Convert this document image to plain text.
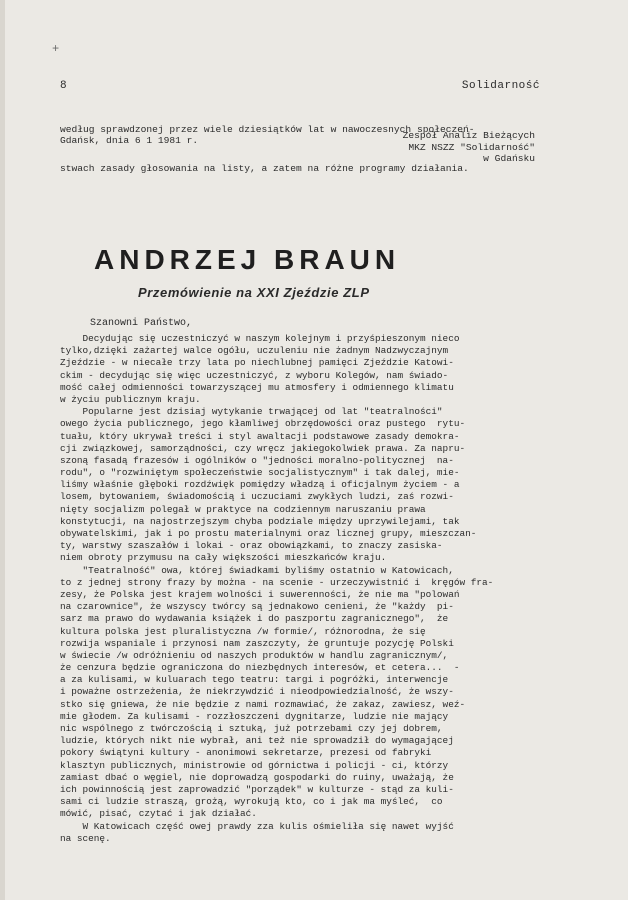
+
8	Solidarność

według sprawdzonej przez wiele dziesiątków lat w nawoczesnych społeczeń-

stwach zasady głosowania na listy, a zatem na różne programy działania.

Gdańsk, dnia 6 1 1981 r.	Zespół Analiz Bieżących
MKZ NSZZ "Solidarność"
w Gdańsku
ANDRZEJ BRAUN
Przemówienie na XXI Zjeździe ZLP
Szanowni Państwo,
Decydując się uczestniczyć w naszym kolejnym i przyśpieszonym nieco
tylko,dzięki zażartej walce ogółu, uczuleniu nie żadnym Nadzwyczajnym
Zjeździe - w niecałe trzy lata po niechlubnej pamięci Zjeździe Katowi-
ckim - decydując się więc uczestniczyć, z wyboru Kolegów, nam świado-
mość całej odmienności towarzyszącej mu atmosfery i odmiennego klimatu
w życiu publicznym kraju.
Popularne jest dzisiaj wytykanie trwającej od lat "teatralności"
owego życia publicznego, jego kłamliwej obrzędowości oraz pustego  rytu-
tuału, który ukrywał treści i styl awaltacji podstawowe zasady demokra-
cji związkowej, samorządności, czy wręcz jakiegokolwiek prawa. Za napru-
szoną fasadą frazesów i ogólników o "jedności moralno-politycznej  na-
rodu", o "rozwiniętym społeczeństwie socjalistycznym" i tak dalej, mie-
liśmy właśnie głęboki rozdźwięk pomiędzy władzą i oficjalnym życiem - a
losem, bytowaniem, świadomością i uczuciami zwykłych ludzi, zaś rozwi-
nięty socjalizm polegał w praktyce na codziennym naruszaniu prawa
konstytucji, na najostrzejszym chyba podziale między uprzywilejami, tak
obywatelskimi, jak i po prostu materialnymi oraz licznej grupy, mieszczan-
ty, warstwy szaszałów i lokai - oraz obowiązkami, to znaczy zasiska-
niem obroty przymusu na cały większości mieszkańców kraju.
"Teatralność" owa, której świadkami byliśmy ostatnio w Katowicach,
to z jednej strony frazy by można - na scenie - urzeczywistnić i  kręgów fra-
zesy, że Polska jest krajem wolności i suwerenności, że nie ma "polowań
na czarownice", że wszyscy twórcy są jednakowo cenieni, że "każdy  pi-
sarz ma prawo do wydawania książek i do paszportu zagranicznego",  że
kultura polska jest pluralistyczna /w formie/, różnorodna, że się
rozwija wspaniale i przynosi nam zaszczyty, że gruntuje pozycję Polski
w świecie /w odróżnieniu od naszych produktów w handlu zagranicznym/,
że cenzura będzie ograniczona do niezbędnych interesów, et cetera...  -
a za kulisami, w kuluarach tego teatru: targi i pogróżki, interwencje
i poważne ostrzeżenia, że niekrzywdzić i nieodpowiedzialność, że wszy-
stko się gniewa, że nie będzie z nami rozmawiać, że zakaz, zawiesz, weź-
mie głodem. Za kulisami - rozzłoszczeni dygnitarze, ludzie nie mający
nic wspólnego z twórczością i sztuką, już potrzebami czy jej dobrem,
ludzie, których nikt nie wybrał, ani też nie sprowadził do wymagającej
pokory świątyni kultury - anonimowi sekretarze, prezesi od fabryki
klasztyn publicznych, ministrowie od górnictwa i policji - ci, którzy
zamiast dbać o węgiel, nie doprowadzą gospodarki do ruiny, uważają, że
ich powinnością jest zaprowadzić "porządek" w kulturze - stąd za kuli-
sami ci ludzie straszą, grożą, wyrokują kto, co i jak ma myśleć,  co
mówić, pisać, czytać i jak działać.
W Katowicach część owej prawdy zza kulis ośmieliła się nawet wyjść
na scenę.
